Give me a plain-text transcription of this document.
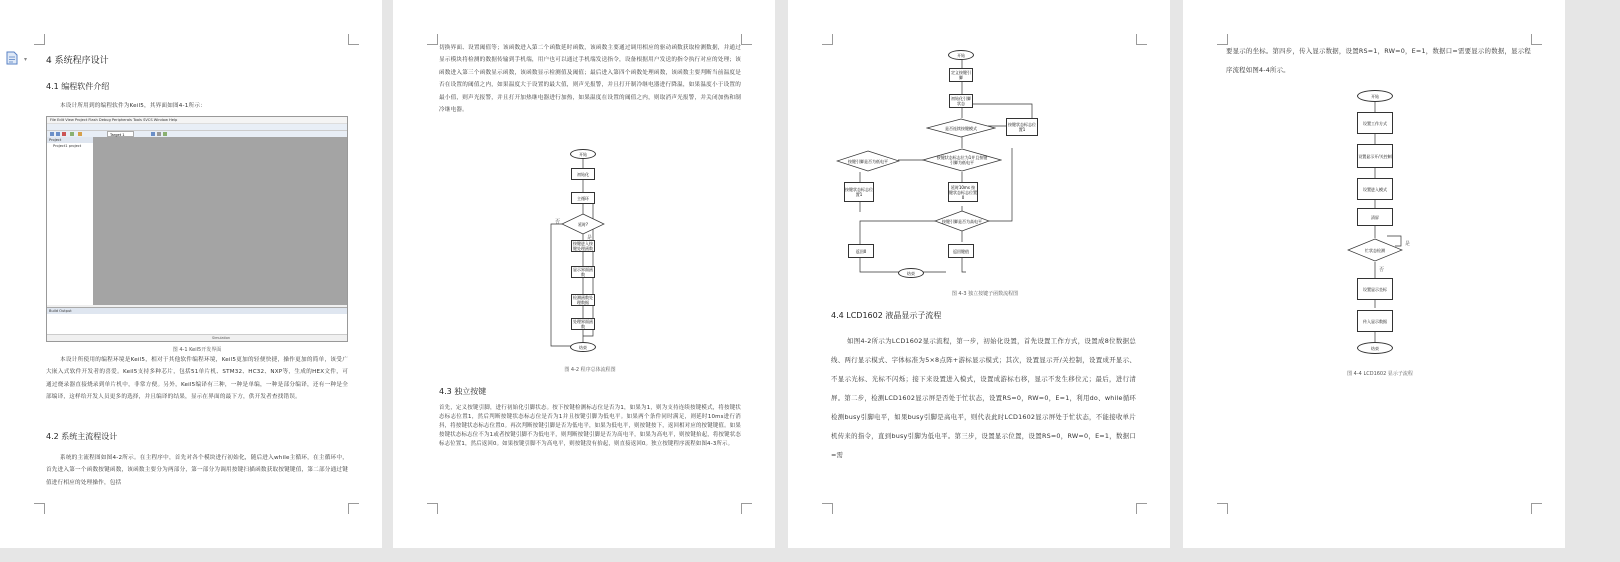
▾ 4 系统程序设计
4.1 编程软件介绍
本设计所用到的编程软件为Keil5，其界面如图4-1所示：
File Edit View Project Flash Debug Peripherals Tools SVCS Window Help
Target 1
Project
Project1 project
Build Output
Simulation
图 4-1 Keil5开发界面
本设计所使用的编程环境是Keil5，相对于其他软件编程环境，Keil5更加的轻便快捷，操作更加的简单，该受广大嵌入式软件开发者的喜爱。Keil5支持多种芯片，包括51单片机、STM32、HC32、NXP等，生成的HEX文件，可通过烧录器直接烧录到单片机中，非常方便。另外，Keil5编译有三种，一种是单编，一种是部分编译，还有一种是全部编译，这样给开发人员更多的选择，并且编译的结果，显示在界面的最下方，供开发者查找错误。
4.2 系统主流程设计
系统的主流程图如图4-2所示。在主程序中，首先对各个模块进行初始化，随后进入while主循环，在主循环中，首先进入第一个函数按键函数，该函数主要分为两部分，第一部分为调用按键扫描函数获取按键键值，第二部分通过键值进行相应的处理操作，包括
切换界面、设置阈值等；该函数进入第二个函数延时函数，该函数主要通过调用相应的驱动函数获取检测数据，并通过显示模块将检测的数据传输到手机端，用户也可以通过手机端发送指令，设备根据用户发送的指令执行对应的处理；该函数进入第三个函数显示函数，该函数显示检测值及阈值；最后进入第四个函数处理函数，该函数主要判断当前温度是否在设置的阈值之内，如果温度大于设置的最大值，则声光报警，并且打开制冷继电器进行降温，如果温度小于设置的最小值，则声光报警，并且打开加热继电器进行加热，如果温度在设置的阈值之内，则取消声光报警，并关闭加热和制冷继电器。
开始
初始化
主循环
延时?
按键进入按键处理函数
显示界面函数
检测函数处理数据
处理界面函数
结束
是
否
图 4-2 程序总体流程图
4.3 独立按键
首先，定义按键引脚，进行初始化引脚状态。按下按键检测标志位是否为1，如果为1，则为支持连续按键模式，将按键状态标志位置1，然后判断按键状态标志位是否为1并且按键引脚为低电平。如果两个条件同时满足，则延时10ms进行消抖，将按键状态标志位置0。再次判断按键引脚是否为低电平，如果为低电平，则按键按下，返回相对应的按键键值。如果按键状态标志位不为1或者按键引脚不为低电平，则判断按键引脚是否为高电平，如果为高电平，则按键抬起，将按键状态标志位置1，然后返回0。如果按键引脚不为高电平，则按键没有抬起，则直接返回0。独立按键程序流程如图4-3所示。
开始
定义按键引脚
初始化引脚状态
是否连续按键模式
按键状态标志位置1
按键状态标志位为1并且按键引脚为低电平
按键引脚是否为低电平
延时10ms 按键状态标志位置0
按键状态标志位置1
按键引脚是否为高电平
返回0	返回键值
结束
图 4-3 独立按键子函数流程图
4.4 LCD1602 液晶显示子流程
如图4-2所示为LCD1602显示流程，第一步，初始化设置，首先设置工作方式，设置成8位数据总线、两行显示模式、字体标准为5×8点阵+游标显示模式；其次，设置显示开/关控制，设置成开显示、不显示光标、光标不闪烁；接下来设置进入模式，设置成游标右移，显示不发生移位元；最后，进行清屏。第二步，检测LCD1602显示屏是否处于忙状态，设置RS=0，RW=0，E=1，利用do、while循环检测busy引脚电平，如果busy引脚是高电平，则代表此时LCD1602显示屏处于忙状态，不能接收单片机传来的指令，直到busy引脚为低电平。第三步，设置显示位置，设置RS=0，RW=0，E=1，数据口=需
要显示的坐标。第四步，传入显示数据，设置RS=1，RW=0，E=1，数据口=需要显示的数据，显示程序流程如图4-4所示。
开始
设置工作方式
设置显示开/关控制
设置进入模式
清屏
忙状态检测
设置显示坐标
传入显示数据
结束
是
否
图 4-4 LCD1602 显示子流程
